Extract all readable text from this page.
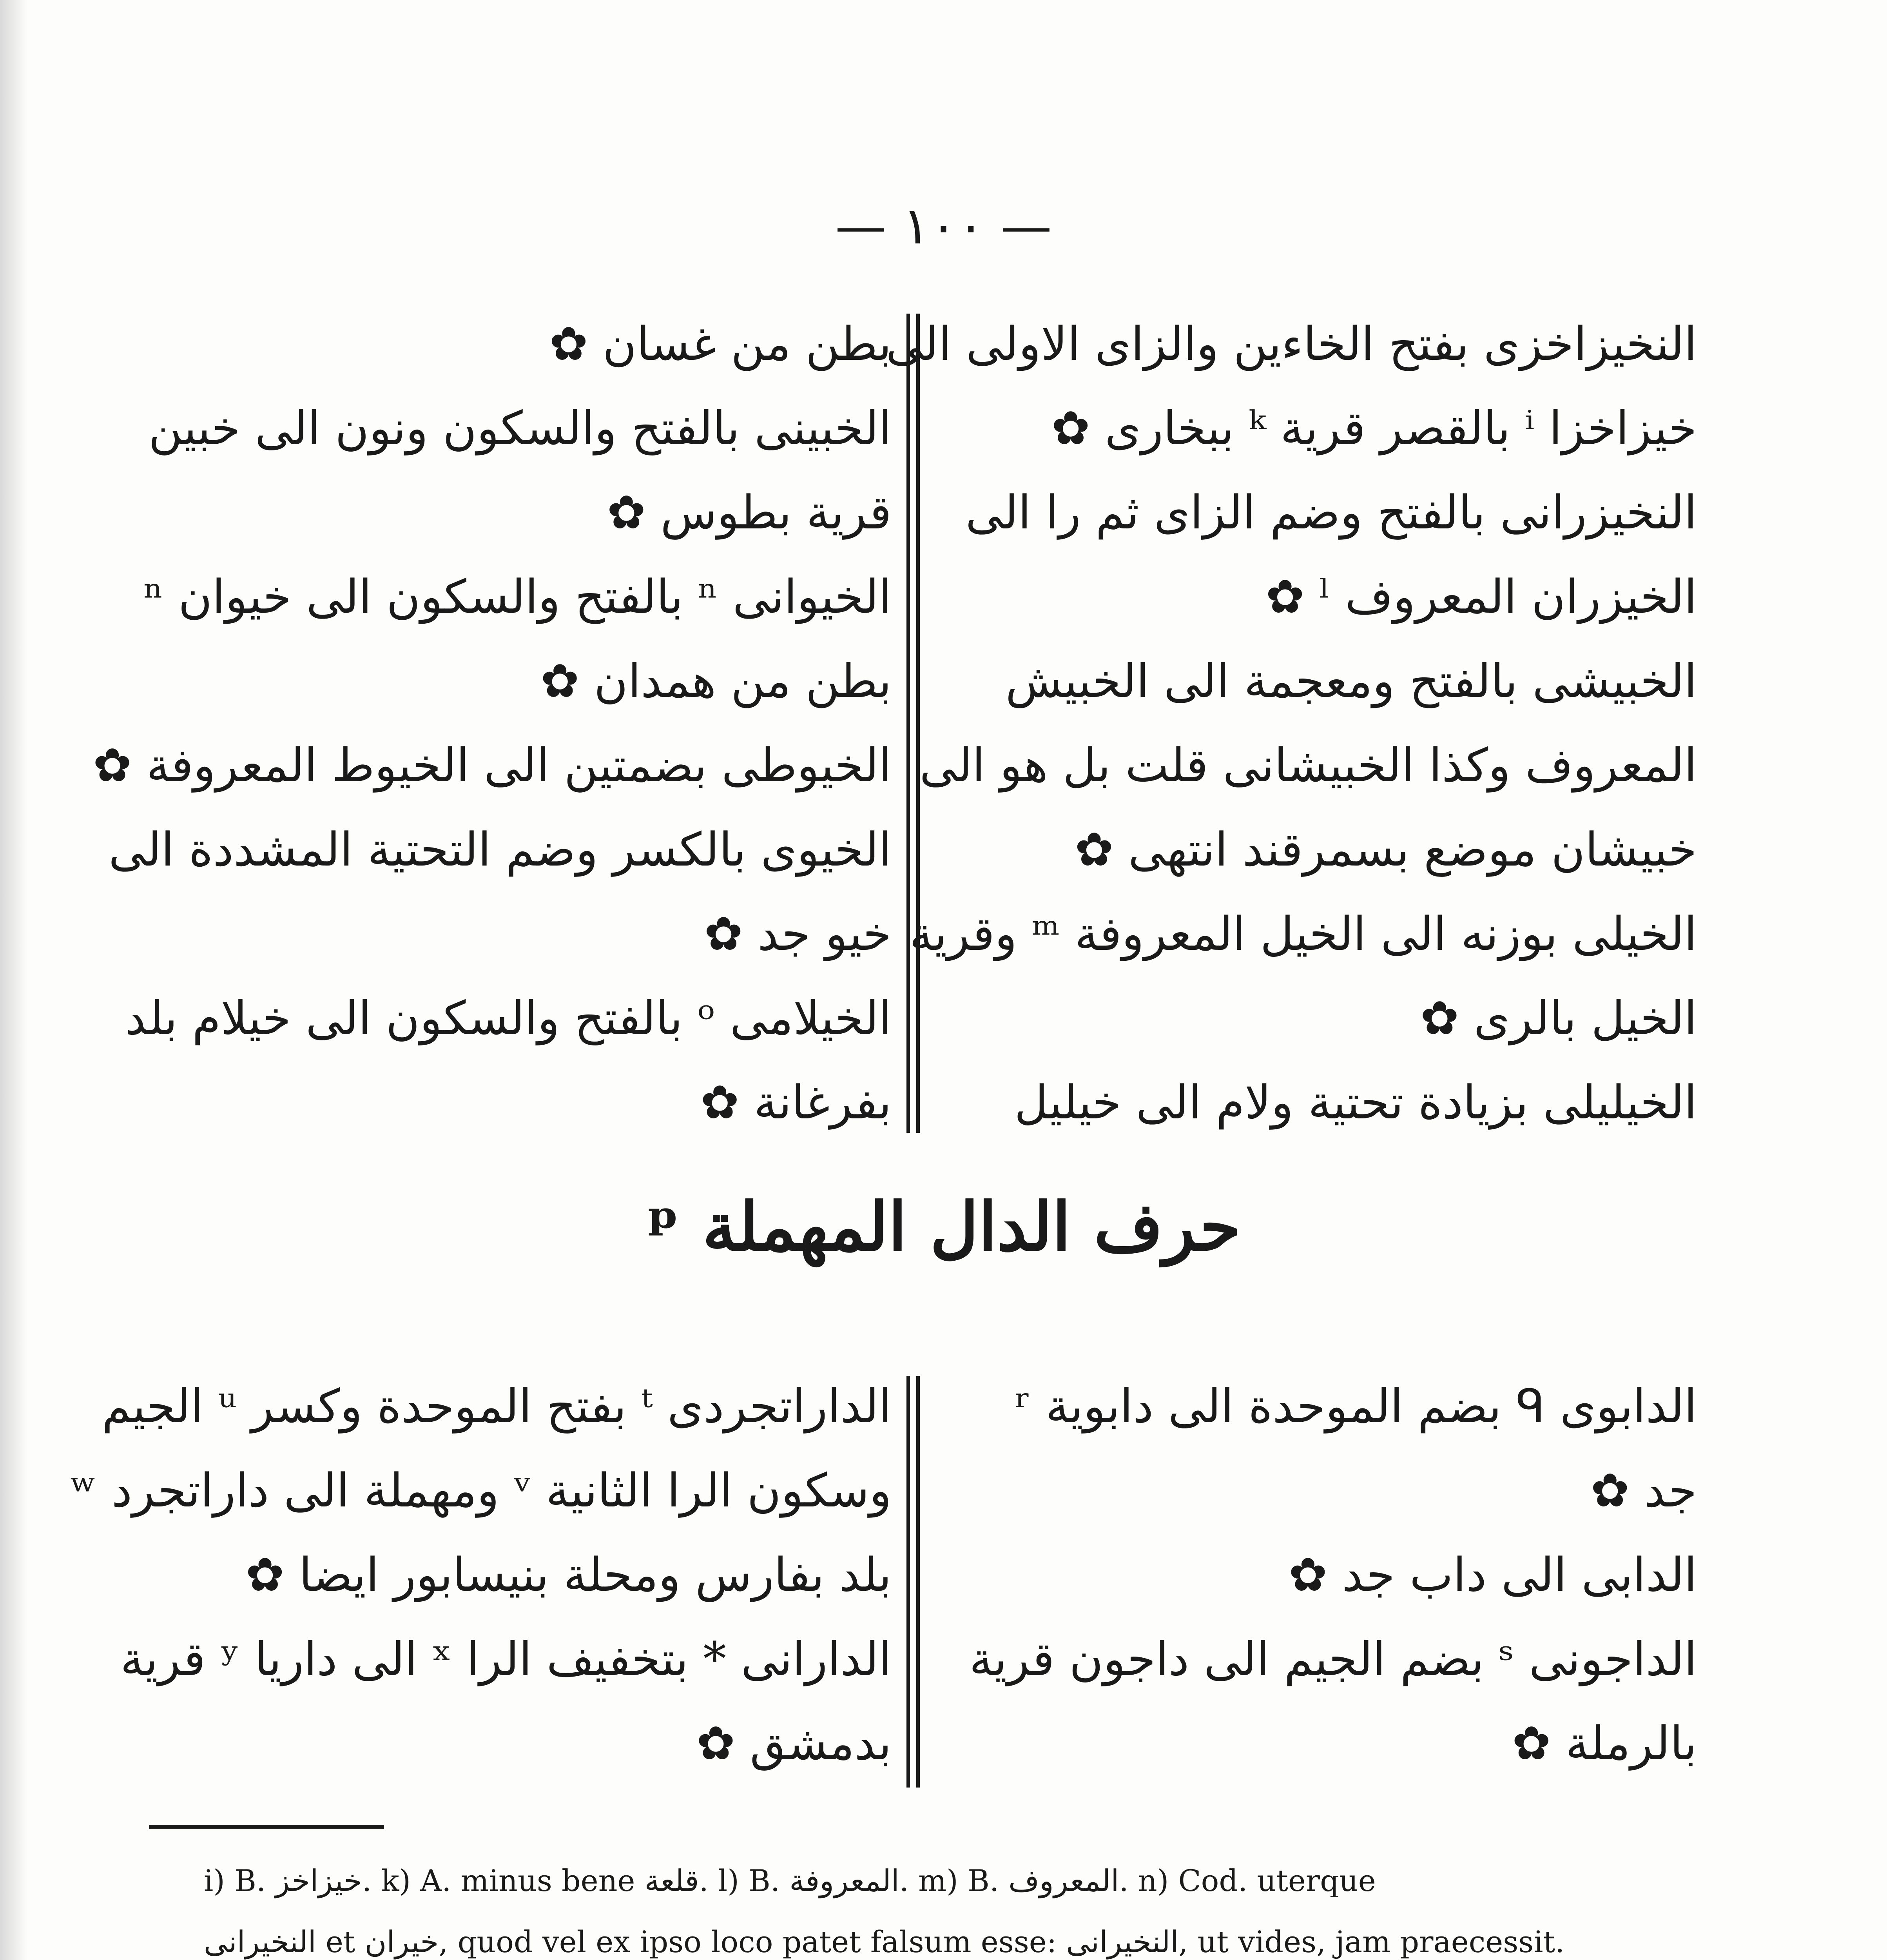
— ١٠٠ —
النخيزاخزى بفتح الخاءين والزاى الاولى الى
خيزاخزا ⁱ بالقصر قرية ᵏ ببخارى ✿
النخيزرانى بالفتح وضم الزاى ثم را الى
الخيزران المعروف ˡ ✿
الخبيشى بالفتح ومعجمة الى الخبيش
المعروف وكذا الخبيشانى قلت بل هو الى
خبيشان موضع بسمرقند انتهى ✿
الخيلى بوزنه الى الخيل المعروفة ᵐ وقرية
الخيل بالرى ✿
الخيليلى بزيادة تحتية ولام الى خيليل
بطن من غسان ✿
الخبينى بالفتح والسكون ونون الى خبين
قرية بطوس ✿
الخيوانى ⁿ بالفتح والسكون الى خيوان ⁿ
بطن من همدان ✿
الخيوطى بضمتين الى الخيوط المعروفة ✿
الخيوى بالكسر وضم التحتية المشددة الى
خيو جد ✿
الخيلامى ᵒ بالفتح والسكون الى خيلام بلد
بفرغانة ✿
حرف الدال المهملة ᵖ
الدابوى ᑫ بضم الموحدة الى دابوية ʳ
جد ✿
الدابى الى داب جد ✿
الداجونى ˢ بضم الجيم الى داجون قرية
بالرملة ✿
الداراتجردى ᵗ بفتح الموحدة وكسر ᵘ الجيم
وسكون الرا الثانية ᵛ ومهملة الى داراتجرد ʷ
بلد بفارس ومحلة بنيسابور ايضا ✿
الدارانى * بتخفيف الرا ˣ الى داريا ʸ قرية
بدمشق ✿
i) B. خيزاخز. k) A. minus bene قلعة. l) B. المعروفة. m) B. المعروف. n) Cod. uterque
النخيرانى et خيران, quod vel ex ipso loco patet falsum esse: النخيرانى, ut vides, jam praecessit.
